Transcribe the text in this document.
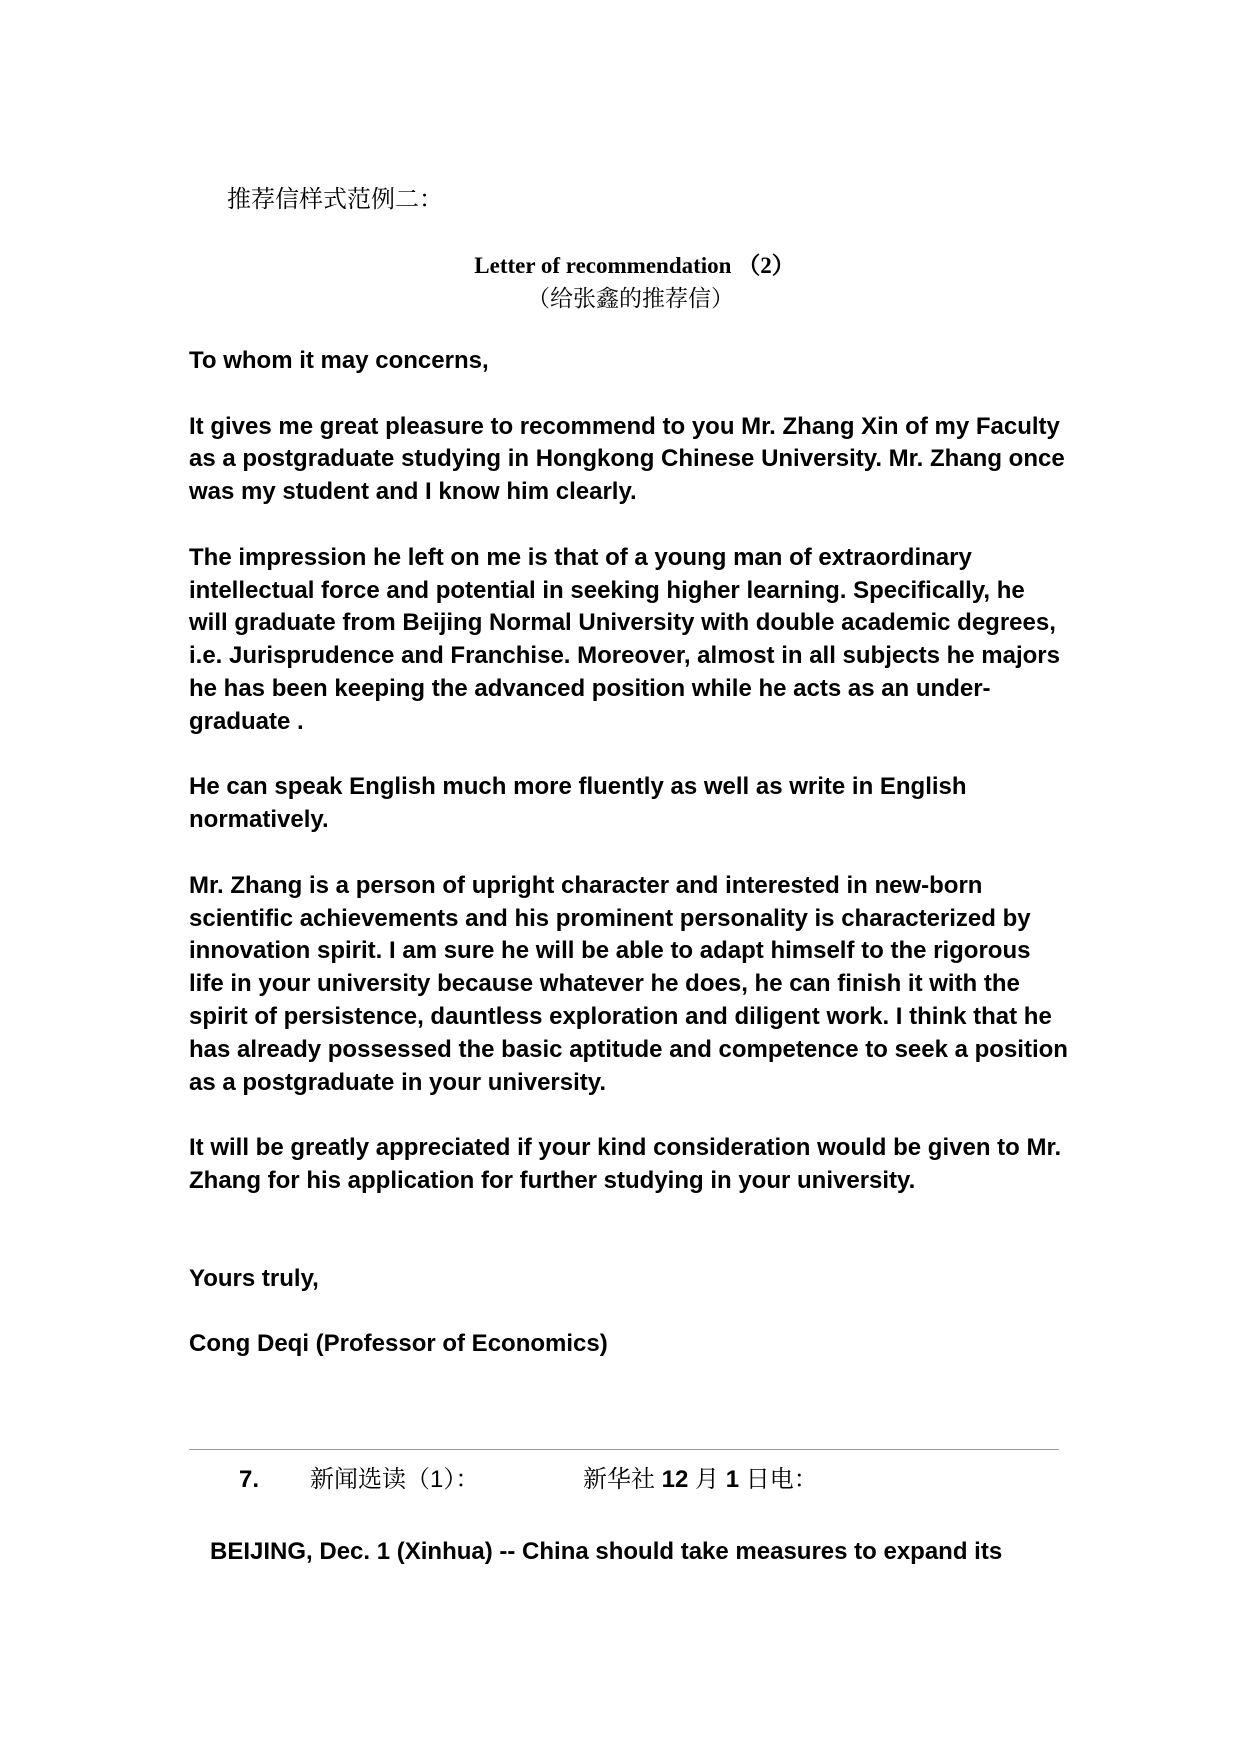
推荐信样式范例二：
Letter of recommendation （2）
（给张鑫的推荐信）

To whom it may concerns,

It gives me great pleasure to recommend to you Mr. Zhang Xin of my Faculty as a postgraduate studying in Hongkong Chinese University. Mr. Zhang once was my student and I know him clearly.

The impression he left on me is that of a young man of extraordinary intellectual force and potential in seeking higher learning. Specifically, he will graduate from Beijing Normal University with double academic degrees, i.e. Jurisprudence and Franchise. Moreover, almost in all subjects he majors he has been keeping the advanced position while he acts as an under-graduate .

He can speak English much more fluently as well as write in English normatively.

Mr. Zhang is a person of upright character and interested in new-born scientific achievements and his prominent personality is characterized by innovation spirit. I am sure he will be able to adapt himself to the rigorous life in your university because whatever he does, he can finish it with the spirit of persistence, dauntless exploration and diligent work. I think that he has already possessed the basic aptitude and competence to seek a position as a postgraduate in your university.

It will be greatly appreciated if your kind consideration would be given to Mr. Zhang for his application for further studying in your university.

Yours truly,

Cong Deqi (Professor of Economics)

7. 新闻选读（1）：	新华社 12 月 1 日电：
BEIJING, Dec. 1 (Xinhua) -- China should take measures to expand its
